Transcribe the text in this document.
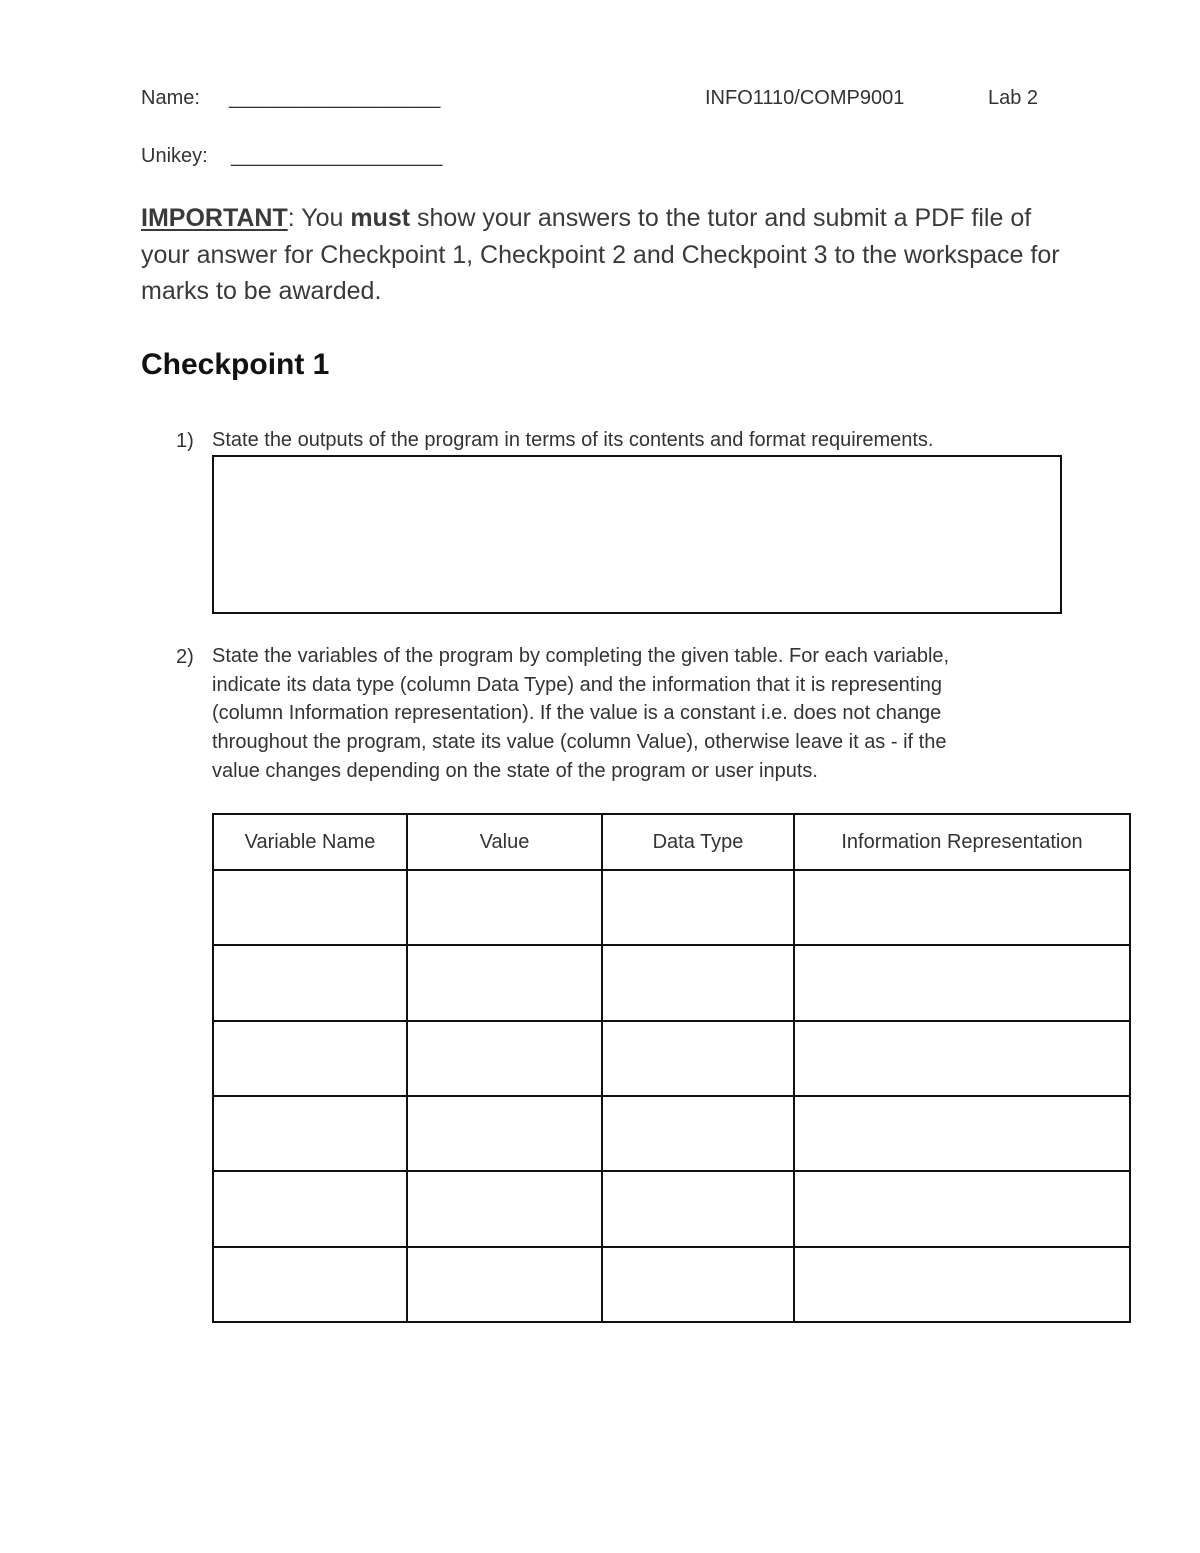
Name: ___________________	INFO1110/COMP9001	Lab 2
Unikey: ___________________
IMPORTANT: You must show your answers to the tutor and submit a PDF file of your answer for Checkpoint 1, Checkpoint 2 and Checkpoint 3 to the workspace for marks to be awarded.
Checkpoint 1
1) State the outputs of the program in terms of its contents and format requirements.
2) State the variables of the program by completing the given table. For each variable,
indicate its data type (column Data Type) and the information that it is representing
(column Information representation). If the value is a constant i.e. does not change
throughout the program, state its value (column Value), otherwise leave it as - if the
value changes depending on the state of the program or user inputs.
Variable Name	Value	Data Type	Information Representation
